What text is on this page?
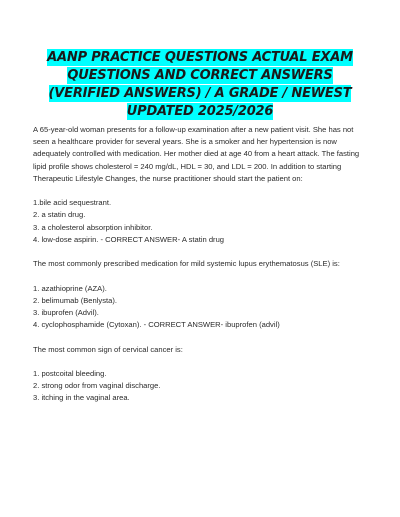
AANP PRACTICE QUESTIONS ACTUAL EXAM QUESTIONS AND CORRECT ANSWERS (VERIFIED ANSWERS) / A GRADE / NEWEST UPDATED 2025/2026

A 65-year-old woman presents for a follow-up examination after a new patient visit. She has not seen a healthcare provider for several years. She is a smoker and her hypertension is now adequately controlled with medication. Her mother died at age 40 from a heart attack. The fasting lipid profile shows cholesterol = 240 mg/dL, HDL = 30, and LDL = 200. In addition to starting Therapeutic Lifestyle Changes, the nurse practitioner should start the patient on:

1.bile acid sequestrant.

2. a statin drug.

3. a cholesterol absorption inhibitor.

4. low-dose aspirin. - CORRECT ANSWER- A statin drug

The most commonly prescribed medication for mild systemic lupus erythematosus (SLE) is:

1. azathioprine (AZA).

2. belimumab (Benlysta).

3. ibuprofen (Advil).

4. cyclophosphamide (Cytoxan). - CORRECT ANSWER- ibuprofen (advil)

The most common sign of cervical cancer is:

1. postcoital bleeding.

2. strong odor from vaginal discharge.

3. itching in the vaginal area.
